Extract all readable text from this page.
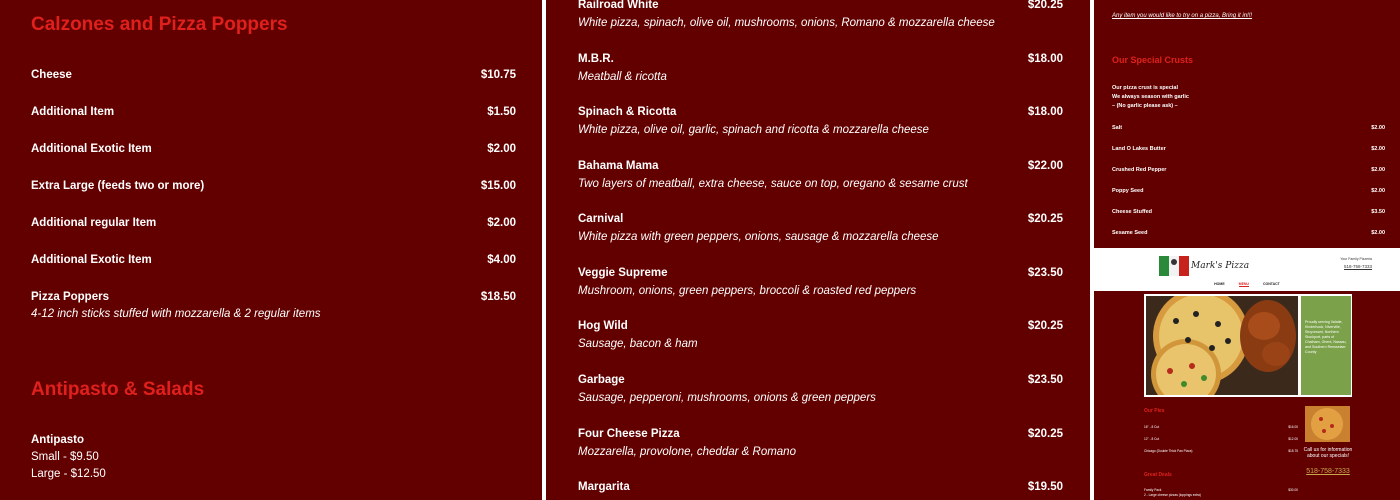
Calzones and Pizza Poppers
Cheese	$10.75
Additional Item	$1.50
Additional Exotic Item	$2.00
Extra Large (feeds two or more)	$15.00
Additional regular Item	$2.00
Additional Exotic Item	$4.00
Pizza Poppers	$18.50
4-12 inch sticks stuffed with mozzarella & 2 regular items
Antipasto & Salads
Antipasto
Small - $9.50
Large - $12.50
Railroad White	$20.25
White pizza, spinach, olive oil, mushrooms, onions, Romano & mozzarella cheese
M.B.R.	$18.00
Meatball & ricotta
Spinach & Ricotta	$18.00
White pizza, olive oil, garlic, spinach and ricotta & mozzarella cheese
Bahama Mama	$22.00
Two layers of meatball, extra cheese, sauce on top, oregano & sesame crust
Carnival	$20.25
White pizza with green peppers, onions, sausage & mozzarella cheese
Veggie Supreme	$23.50
Mushroom, onions, green peppers, broccoli & roasted red peppers
Hog Wild	$20.25
Sausage, bacon & ham
Garbage	$23.50
Sausage, pepperoni, mushrooms, onions & green peppers
Four Cheese Pizza	$20.25
Mozzarella, provolone, cheddar & Romano
Margarita	$19.50
Any item you would like to try on a pizza, Bring it in!!!
Our Special Crusts
Our pizza crust is special
We always season with garlic
– (No garlic please ask) –
Salt	$2.00
Land O Lakes Butter	$2.00
Crushed Red Pepper	$2.00
Poppy Seed	$2.00
Cheese Stuffed	$3.50
Sesame Seed	$2.00
Mark's Pizza
Your Family Pizzeria
518-758-7333
HOME	MENU	CONTACT
Proudly serving Valatie, Kinderhook, Niverville, Stuyvesant, Northern Stockport, parts of Chatham, Ghent, Nassau, and Southern Rensselaer County
Our Pies
16" - 8 Cut	$16.00
12" - 8 Cut	$12.00
Chicago (Double Thick Pan Pizza)	$18.75
Great Deals
Family Pack	$30.00
2 - Large cheese pizzas (toppings extra)
Call us for information about our specials!
518-758-7333
